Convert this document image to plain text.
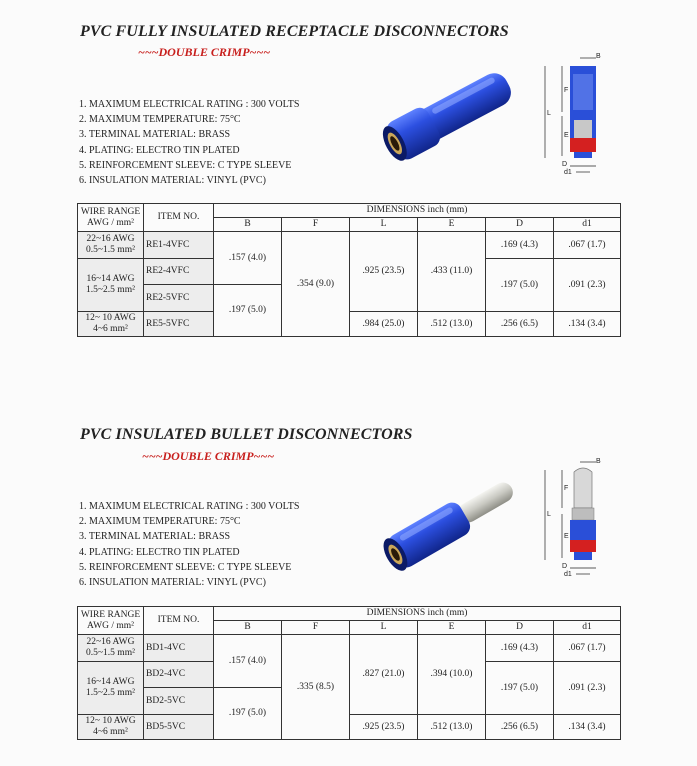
PVC FULLY INSULATED RECEPTACLE DISCONNECTORS
~~~DOUBLE CRIMP~~~
1. MAXIMUM ELECTRICAL RATING : 300 VOLTS
2. MAXIMUM TEMPERATURE: 75°C
3. TERMINAL MATERIAL: BRASS
4. PLATING: ELECTRO TIN PLATED
5. REINFORCEMENT SLEEVE: C TYPE SLEEVE
6. INSULATION MATERIAL: VINYL (PVC)
B
L
F
E
D
d1
WIRE RANGE
AWG / mm²	ITEM NO.	DIMENSIONS inch (mm)					
		B	F	L	E	D	d1

22~16 AWG
0.5~1.5 mm²	RE1-4VFC	.157 (4.0)	.354 (9.0)	.925 (23.5)	.433 (11.0)	.169 (4.3)	.067 (1.7)

16~14 AWG
1.5~2.5 mm²	RE2-4VFC					.197 (5.0)	.091 (2.3)
	RE2-5VFC	.197 (5.0)					

12~ 10 AWG
4~6 mm²	RE5-5VFC			.984 (25.0)	.512 (13.0)	.256 (6.5)	.134 (3.4)
PVC INSULATED BULLET DISCONNECTORS
~~~DOUBLE CRIMP~~~
1. MAXIMUM ELECTRICAL RATING : 300 VOLTS
2. MAXIMUM TEMPERATURE: 75°C
3. TERMINAL MATERIAL: BRASS
4. PLATING: ELECTRO TIN PLATED
5. REINFORCEMENT SLEEVE: C TYPE SLEEVE
6. INSULATION MATERIAL: VINYL (PVC)
B
L
F
E
D
d1
WIRE RANGE
AWG / mm²	ITEM NO.	DIMENSIONS inch (mm)					
		B	F	L	E	D	d1

22~16 AWG
0.5~1.5 mm²	BD1-4VC	.157 (4.0)	.335 (8.5)	.827 (21.0)	.394 (10.0)	.169 (4.3)	.067 (1.7)

16~14 AWG
1.5~2.5 mm²	BD2-4VC					.197 (5.0)	.091 (2.3)
	BD2-5VC	.197 (5.0)					

12~ 10 AWG
4~6 mm²	BD5-5VC			.925 (23.5)	.512 (13.0)	.256 (6.5)	.134 (3.4)
